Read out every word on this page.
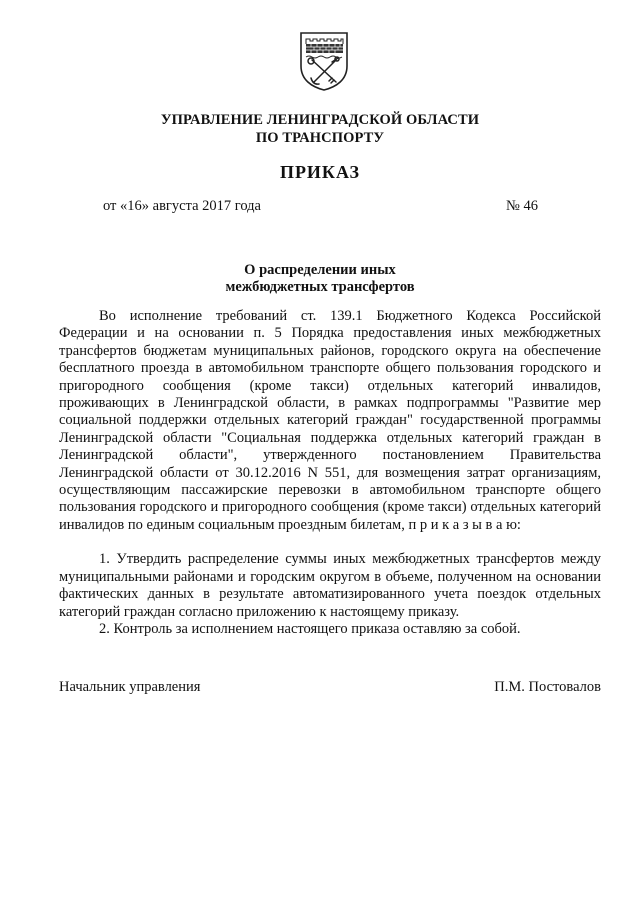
УПРАВЛЕНИЕ ЛЕНИНГРАДСКОЙ ОБЛАСТИ
ПО ТРАНСПОРТУ
ПРИКАЗ
от «16» августа 2017 года	№ 46
О распределении иных
межбюджетных трансфертов

Во исполнение требований ст. 139.1 Бюджетного Кодекса Российской Федерации и на основании п. 5 Порядка предоставления иных межбюджетных трансфертов бюджетам муниципальных районов, городского округа на обеспечение бесплатного проезда в автомобильном транспорте общего пользования городского и пригородного сообщения (кроме такси) отдельных категорий инвалидов, проживающих в Ленинградской области, в рамках подпрограммы "Развитие мер социальной поддержки отдельных категорий граждан" государственной программы Ленинградской области "Социальная поддержка отдельных категорий граждан в Ленинградской области", утвержденного постановлением Правительства Ленинградской области от 30.12.2016 N 551, для возмещения затрат организациям, осуществляющим пассажирские перевозки в автомобильном транспорте общего пользования городского и пригородного сообщения (кроме такси) отдельных категорий инвалидов по единым социальным проездным билетам, п р и к а з ы в а ю:

1. Утвердить распределение суммы иных межбюджетных трансфертов между муниципальными районами и городским округом в объеме, полученном на основании фактических данных в результате автоматизированного учета поездок отдельных категорий граждан согласно приложению к настоящему приказу.

2. Контроль за исполнением настоящего приказа оставляю за собой.

Начальник управления	П.М. Постовалов
